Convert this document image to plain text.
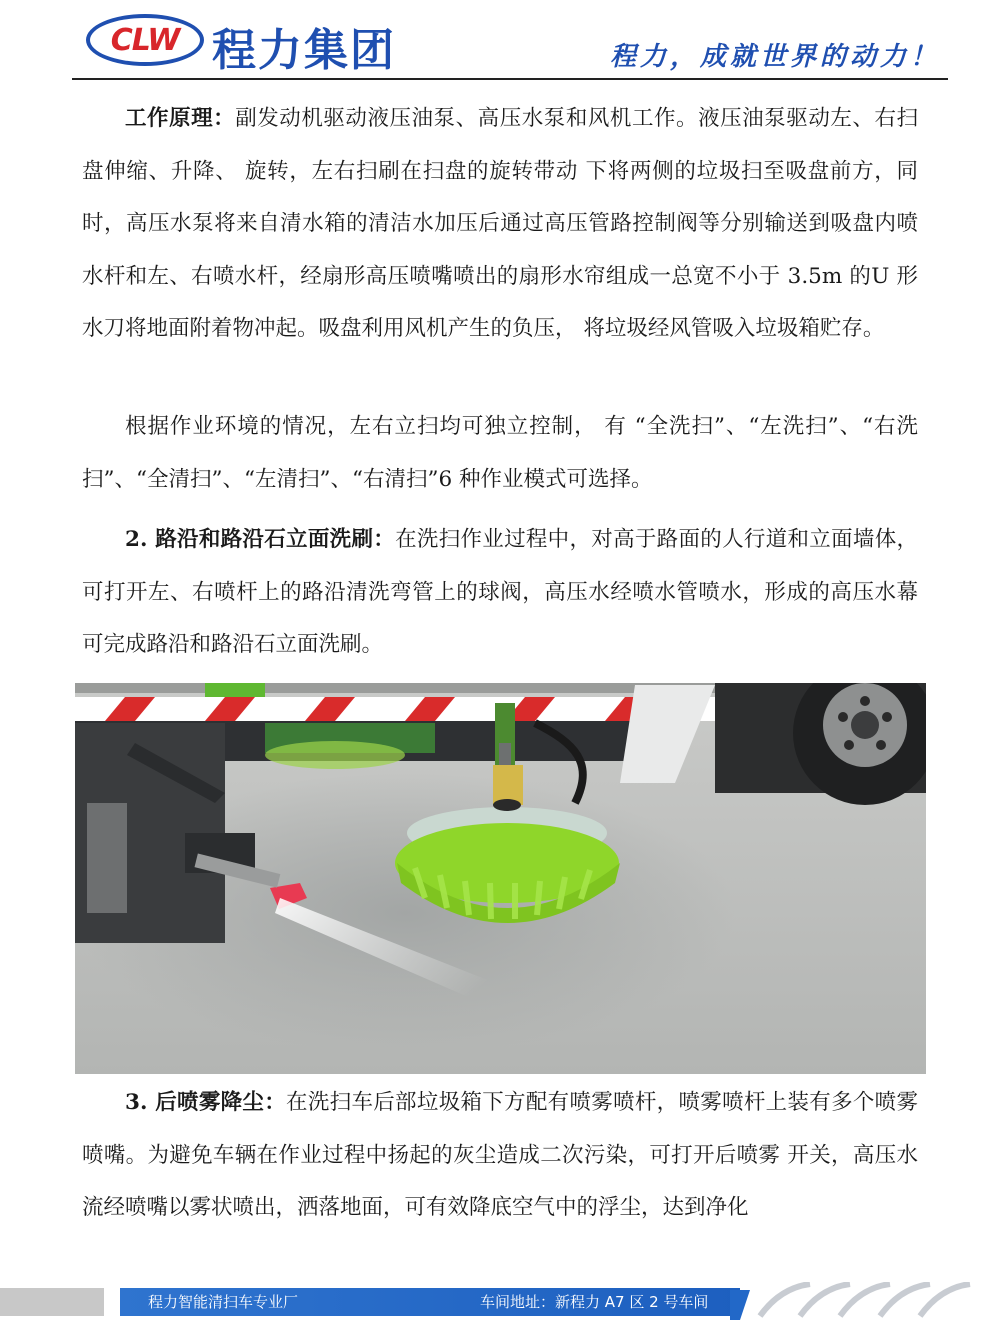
CLW 程力集团	程力，成就世界的动力！

工作原理：副发动机驱动液压油泵、高压水泵和风机工作。液压油泵驱动左、右扫盘伸缩、升降、 旋转，左右扫刷在扫盘的旋转带动 下将两侧的垃圾扫至吸盘前方，同 时，高压水泵将来自清水箱的清洁水加压后通过高压管路控制阀等分别输送到吸盘内喷水杆和左、右喷水杆，经扇形高压喷嘴喷出的扇形水帘组成一总宽不小于 3.5m 的U 形水刀将地面附着物冲起。吸盘利用风机产生的负压， 将垃圾经风管吸入垃圾箱贮存。

根据作业环境的情况，左右立扫均可独立控制， 有 “全洗扫”、“左洗扫”、“右洗扫”、“全清扫”、“左清扫”、“右清扫”6 种作业模式可选择。

2. 路沿和路沿石立面洗刷：在洗扫作业过程中，对高于路面的人行道和立面墙体，可打开左、右喷杆上的路沿清洗弯管上的球阀，高压水经喷水管喷水，形成的高压水幕可完成路沿和路沿石立面洗刷。

3. 后喷雾降尘：在洗扫车后部垃圾箱下方配有喷雾喷杆，喷雾喷杆上装有多个喷雾喷嘴。为避免车辆在作业过程中扬起的灰尘造成二次污染，可打开后喷雾 开关，高压水流经喷嘴以雾状喷出，洒落地面，可有效降底空气中的浮尘，达到净化

程力智能清扫车专业厂	车间地址：新程力 A7 区 2 号车间
